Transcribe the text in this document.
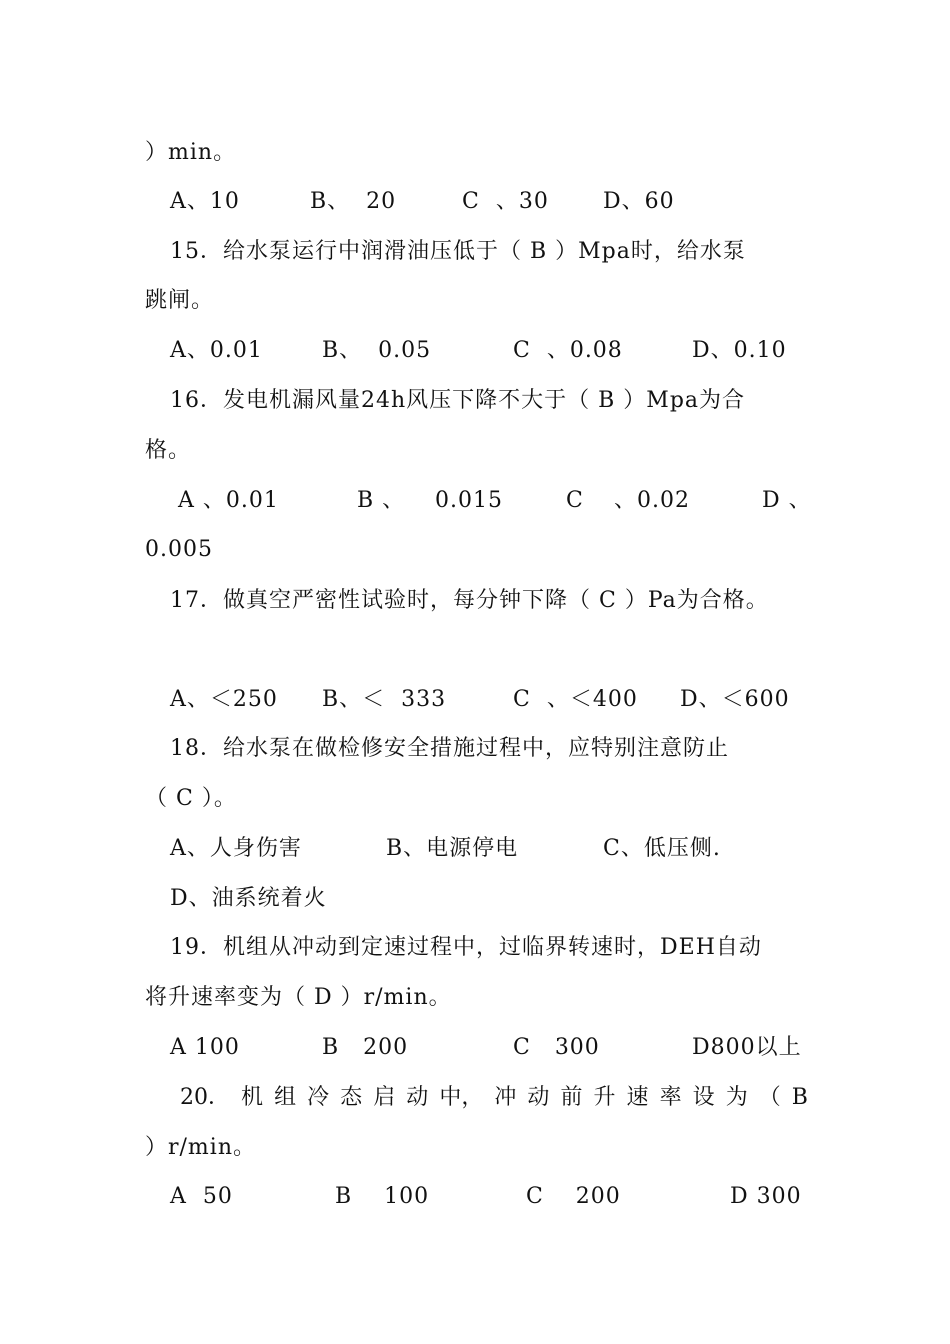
）min。
A、10	B、  20	C  、30 D、60
15．给水泵运行中润滑油压低于（ B ）Mpa时，给水泵
跳闸。
A、0.01	B、  0.05	C  、0.08	D、0.10
16．发电机漏风量24h风压下降不大于（ B ）Mpa为合
格。
A 、0.01	B 、 0.015	C 、0.02	D 、
0.005
17．做真空严密性试验时，每分钟下降（ C ）Pa为合格。
A、＜250 B、＜  333	C  、＜400 D、＜600
18．给水泵在做检修安全措施过程中，应特别注意防止
（ C ）。
A、人身伤害	B、电源停电	C、低压侧.
D、油系统着火
19．机组从冲动到定速过程中，过临界转速时，DEH自动
将升速率变为（ D ）r/min。
A 100	B   200	C   300	D800以上
20． 机 组 冷 态 启 动 中， 冲 动 前 升 速 率 设 为 （ B
）r/min。
A  50	B    100	C    200	D 300
